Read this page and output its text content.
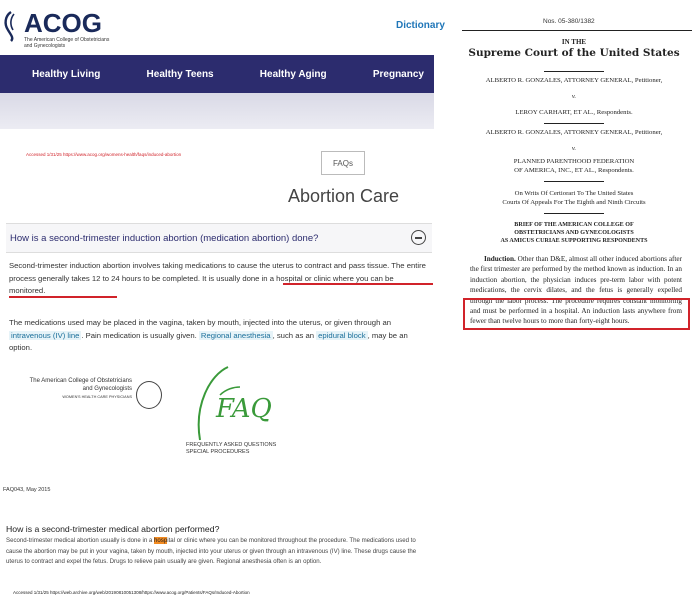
ACOG
The American College of Obstetricians and Gynecologists
Dictionary
Healthy Living	Healthy Teens	Healthy Aging	Pregnancy
Accessed 1/31/25 https://www.acog.org/womens-health/faqs/induced-abortion
FAQs
Abortion Care
How is a second-trimester induction abortion (medication abortion) done?
Second-trimester induction abortion involves taking medications to cause the uterus to contract and pass tissue. The entire process generally takes 12 to 24 hours to be completed. It is usually done in a hospital or clinic where you can be monitored.
The medications used may be placed in the vagina, taken by mouth, injected into the uterus, or given through an intravenous (IV) line . Pain medication is usually given. Regional anesthesia , such as an epidural block , may be an option.
The American College of Obstetricians and Gynecologists
WOMEN'S HEALTH CARE PHYSICIANS	FAQ
FREQUENTLY ASKED QUESTIONS
SPECIAL PROCEDURES
FAQ043, May 2015
How is a second-trimester medical abortion performed?
Second-trimester medical abortion usually is done in a hospital or clinic where you can be monitored throughout the procedure. The medications used to cause the abortion may be put in your vagina, taken by mouth, injected into your uterus or given through an intravenous (IV) line. These drugs cause the uterus to contract and expel the fetus. Drugs to relieve pain usually are given. Regional anesthesia often is an option.
Accessed 1/31/25 https://web.archive.org/web/20190810051308/https://www.acog.org/Patients/FAQs/Induced-Abortion
Nos. 05-380/1382
IN THE
Supreme Court of the United States
ALBERTO R. GONZALES, ATTORNEY GENERAL, Petitioner,
v.
LEROY CARHART, ET AL., Respondents.
ALBERTO R. GONZALES, ATTORNEY GENERAL, Petitioner,
v.
PLANNED PARENTHOOD FEDERATION
OF AMERICA, INC., ET AL., Respondents.
On Writs Of Certiorari To The United States
Courts Of Appeals For The Eighth and Ninth Circuits
BRIEF OF THE AMERICAN COLLEGE OF
OBSTETRICIANS AND GYNECOLOGISTS
AS AMICUS CURIAE SUPPORTING RESPONDENTS
Induction. Other than D&E, almost all other induced abortions after the first trimester are performed by the method known as induction. In an induction abortion, the physician induces pre-term labor with potent medications, the cervix dilates, and the fetus is generally expelled through the labor process. The procedure requires constant monitoring and must be performed in a hospital. An induction lasts anywhere from fewer than twelve hours to more than forty-eight hours.
